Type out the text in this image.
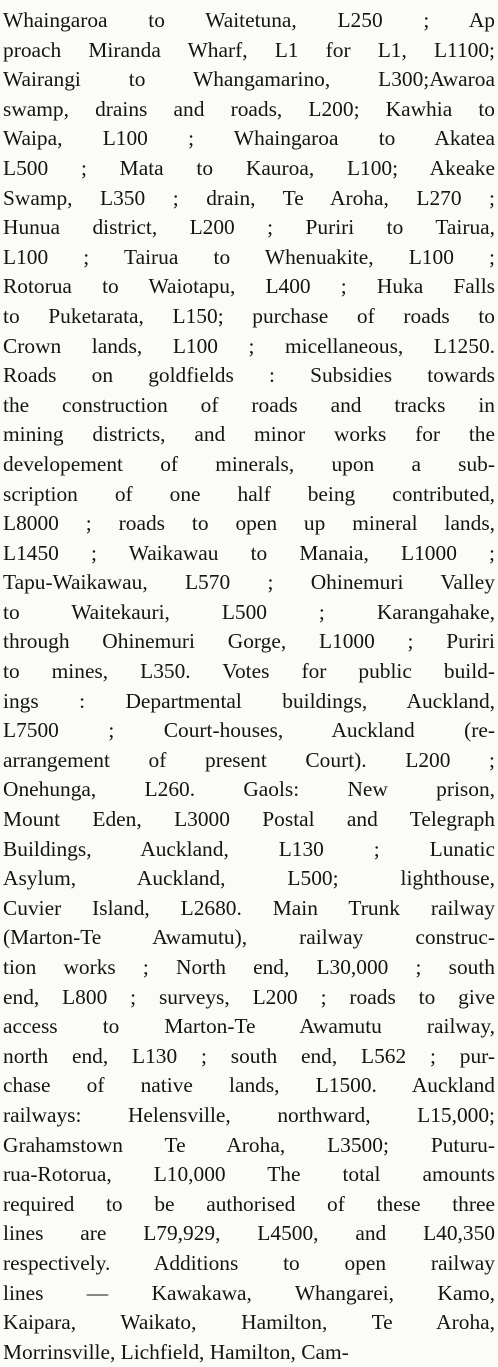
Whaingaroa to Waitetuna, L250 ; Ap
proach Miranda Wharf, L1 for L1, L1100;
Wairangi to Whangamarino, L300;Awaroa
swamp, drains and roads, L200; Kawhia to
Waipa, L100 ; Whaingaroa to Akatea
L500 ; Mata to Kauroa, L100; Akeake
Swamp, L350 ; drain, Te Aroha, L270 ;
Hunua district, L200 ; Puriri to Tairua,
L100 ; Tairua to Whenuakite, L100 ;
Rotorua to Waiotapu, L400 ; Huka Falls
to Puketarata, L150; purchase of roads to
Crown lands, L100 ; micellaneous, L1250.
Roads on goldfields : Subsidies towards
the construction of roads and tracks in
mining districts, and minor works for the
developement of minerals, upon a sub-
scription of one half being contributed,
L8000 ; roads to open up mineral lands,
L1450 ; Waikawau to Manaia, L1000 ;
Tapu-Waikawau, L570 ; Ohinemuri Valley
to Waitekauri, L500 ; Karangahake,
through Ohinemuri Gorge, L1000 ; Puriri
to mines, L350. Votes for public build-
ings : Departmental buildings, Auckland,
L7500 ; Court-houses, Auckland (re-
arrangement of present Court). L200 ;
Onehunga, L260. Gaols: New prison,
Mount Eden, L3000 Postal and Telegraph
Buildings, Auckland, L130 ; Lunatic
Asylum, Auckland, L500; lighthouse,
Cuvier Island, L2680. Main Trunk railway
(Marton-Te Awamutu), railway construc-
tion works ; North end, L30,000 ; south
end, L800 ; surveys, L200 ; roads to give
access to Marton-Te Awamutu railway,
north end, L130 ; south end, L562 ; pur-
chase of native lands, L1500. Auckland
railways: Helensville, northward, L15,000;
Grahamstown Te Aroha, L3500; Puturu-
rua-Rotorua, L10,000 The total amounts
required to be authorised of these three
lines are L79,929, L4500, and L40,350
respectively. Additions to open railway
lines — Kawakawa, Whangarei, Kamo,
Kaipara, Waikato, Hamilton, Te Aroha,
Morrinsville, Lichfield, Hamilton, Cam-
